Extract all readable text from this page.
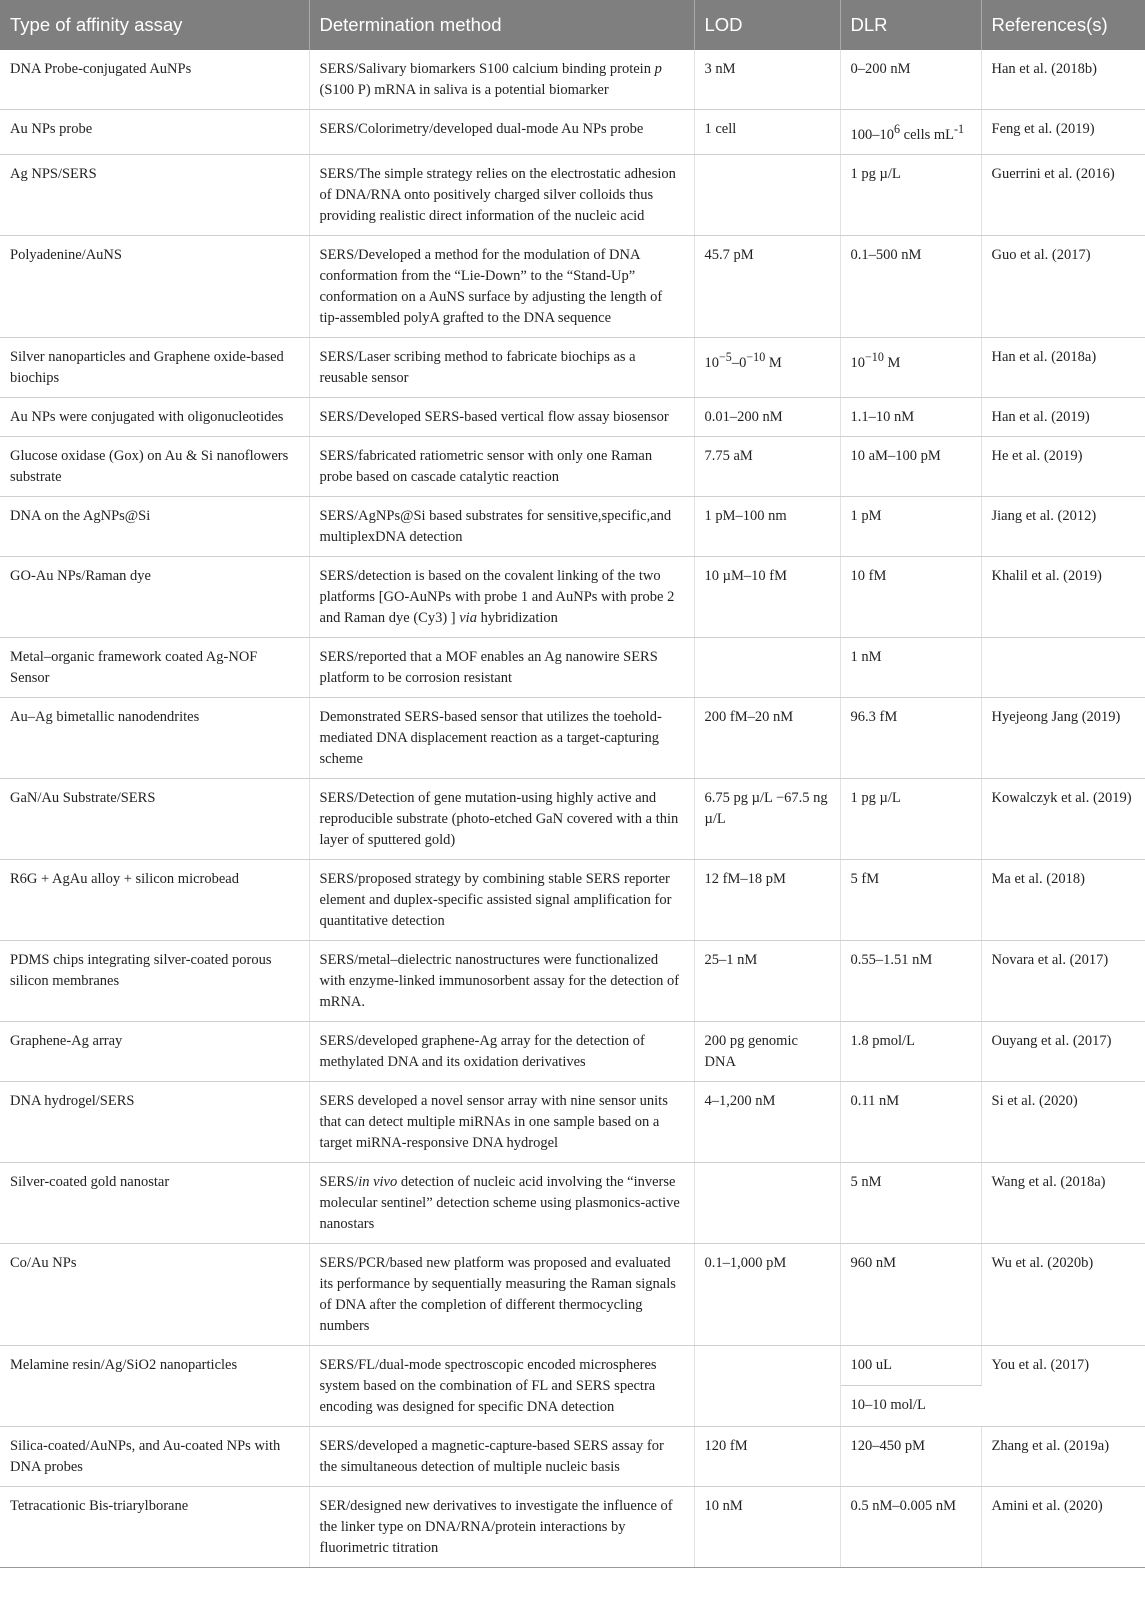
Type of affinity assay	Determination method	LOD	DLR	References(s)
DNA Probe-conjugated AuNPs	SERS/Salivary biomarkers S100 calcium binding protein p (S100 P) mRNA in saliva is a potential biomarker	3 nM	0–200 nM	Han et al. (2018b)
Au NPs probe	SERS/Colorimetry/developed dual-mode Au NPs probe	1 cell	$100-10^6$ cells $mL^{-1}$	Feng et al. (2019)
Ag NPS/SERS	SERS/The simple strategy relies on the electrostatic adhesion of DNA/RNA onto positively charged silver colloids thus providing realistic direct information of the nucleic acid		1 pg µ/L	Guerrini et al. (2016)
Polyadenine/AuNS	SERS/Developed a method for the modulation of DNA conformation from the “Lie-Down” to the “Stand-Up” conformation on a AuNS surface by adjusting the length of tip-assembled polyA grafted to the DNA sequence	45.7 pM	0.1–500 nM	Guo et al. (2017)
Silver nanoparticles and Graphene oxide-based biochips	SERS/Laser scribing method to fabricate biochips as a reusable sensor	$10^{-5}-0^{-10}$ M	$10^{-10}$ M	Han et al. (2018a)
Au NPs were conjugated with oligonucleotides	SERS/Developed SERS-based vertical flow assay biosensor	0.01–200 nM	1.1–10 nM	Han et al. (2019)
Glucose oxidase (Gox) on Au & Si nanoflowers substrate	SERS/fabricated ratiometric sensor with only one Raman probe based on cascade catalytic reaction	7.75 aM	10 aM–100 pM	He et al. (2019)
DNA on the AgNPs@Si	SERS/AgNPs@Si based substrates for sensitive,specific,and multiplexDNA detection	1 pM–100 nm	1 pM	Jiang et al. (2012)
GO-Au NPs/Raman dye	SERS/detection is based on the covalent linking of the two platforms [GO-AuNPs with probe 1 and AuNPs with probe 2 and Raman dye (Cy3) ] via hybridization	10 µM–10 fM	10 fM	Khalil et al. (2019)
Metal–organic framework coated Ag-NOF Sensor	SERS/reported that a MOF enables an Ag nanowire SERS platform to be corrosion resistant		1 nM	
Au–Ag bimetallic nanodendrites	Demonstrated SERS-based sensor that utilizes the toehold-mediated DNA displacement reaction as a target-capturing scheme	200 fM–20 nM	96.3 fM	Hyejeong Jang (2019)
GaN/Au Substrate/SERS	SERS/Detection of gene mutation-using highly active and reproducible substrate (photo-etched GaN covered with a thin layer of sputtered gold)	6.75 pg µ/L −67.5 ng µ/L	1 pg µ/L	Kowalczyk et al. (2019)
R6G + AgAu alloy + silicon microbead	SERS/proposed strategy by combining stable SERS reporter element and duplex-specific assisted signal amplification for quantitative detection	12 fM–18 pM	5 fM	Ma et al. (2018)
PDMS chips integrating silver-coated porous silicon membranes	SERS/metal–dielectric nanostructures were functionalized with enzyme-linked immunosorbent assay for the detection of mRNA.	25–1 nM	0.55–1.51 nM	Novara et al. (2017)
Graphene-Ag array	SERS/developed graphene-Ag array for the detection of methylated DNA and its oxidation derivatives	200 pg genomic DNA	1.8 pmol/L	Ouyang et al. (2017)
DNA hydrogel/SERS	SERS developed a novel sensor array with nine sensor units that can detect multiple miRNAs in one sample based on a target miRNA-responsive DNA hydrogel	4–1,200 nM	0.11 nM	Si et al. (2020)
Silver-coated gold nanostar	SERS/in vivo detection of nucleic acid involving the “inverse molecular sentinel” detection scheme using plasmonics-active nanostars		5 nM	Wang et al. (2018a)
Co/Au NPs	SERS/PCR/based new platform was proposed and evaluated its performance by sequentially measuring the Raman signals of DNA after the completion of different thermocycling numbers	0.1–1,000 pM	960 nM	Wu et al. (2020b)
Melamine resin/Ag/SiO2 nanoparticles	SERS/FL/dual-mode spectroscopic encoded microspheres system based on the combination of FL and SERS spectra encoding was designed for specific DNA detection		100 uL	You et al. (2017)
			10–10 mol/L	
Silica-coated/AuNPs, and Au-coated NPs with DNA probes	SERS/developed a magnetic-capture-based SERS assay for the simultaneous detection of multiple nucleic basis	120 fM	120–450 pM	Zhang et al. (2019a)
Tetracationic Bis-triarylborane	SER/designed new derivatives to investigate the influence of the linker type on DNA/RNA/protein interactions by fluorimetric titration	10 nM	0.5 nM–0.005 nM	Amini et al. (2020)
